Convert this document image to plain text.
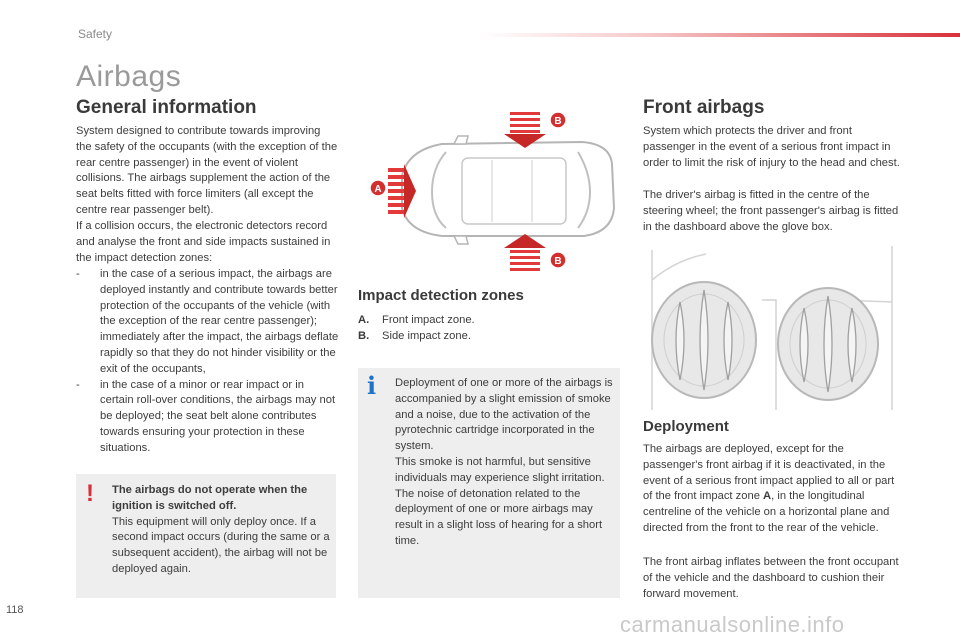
Safety
Airbags
General information

System designed to contribute towards improving the safety of the occupants (with the exception of the rear centre passenger) in the event of violent collisions. The airbags supplement the action of the seat belts fitted with force limiters (all except the centre rear passenger belt).

If a collision occurs, the electronic detectors record and analyse the front and side impacts sustained in the impact detection zones:

- in the case of a serious impact, the airbags are deployed instantly and contribute towards better protection of the occupants of the vehicle (with the exception of the rear centre passenger); immediately after the impact, the airbags deflate rapidly so that they do not hinder visibility or the exit of the occupants,
- in the case of a minor or rear impact or in certain roll-over conditions, the airbags may not be deployed; the seat belt alone contributes towards ensuring your protection in these situations.
! The airbags do not operate when the ignition is switched off.
This equipment will only deploy once. If a second impact occurs (during the same or a subsequent accident), the airbag will not be deployed again.
A
B
B
Impact detection zones
A.	Front impact zone.
B.	Side impact zone.
i Deployment of one or more of the airbags is accompanied by a slight emission of smoke and a noise, due to the activation of the pyrotechnic cartridge incorporated in the system.

This smoke is not harmful, but sensitive individuals may experience slight irritation.

The noise of detonation related to the deployment of one or more airbags may result in a slight loss of hearing for a short time.

Front airbags

System which protects the driver and front passenger in the event of a serious front impact in order to limit the risk of injury to the head and chest.

The driver's airbag is fitted in the centre of the steering wheel; the front passenger's airbag is fitted in the dashboard above the glove box.

Deployment

The airbags are deployed, except for the passenger's front airbag if it is deactivated, in the event of a serious front impact applied to all or part of the front impact zone A, in the longitudinal centreline of the vehicle on a horizontal plane and directed from the front to the rear of the vehicle.

The front airbag inflates between the front occupant of the vehicle and the dashboard to cushion their forward movement.

118
carmanualsonline.info
